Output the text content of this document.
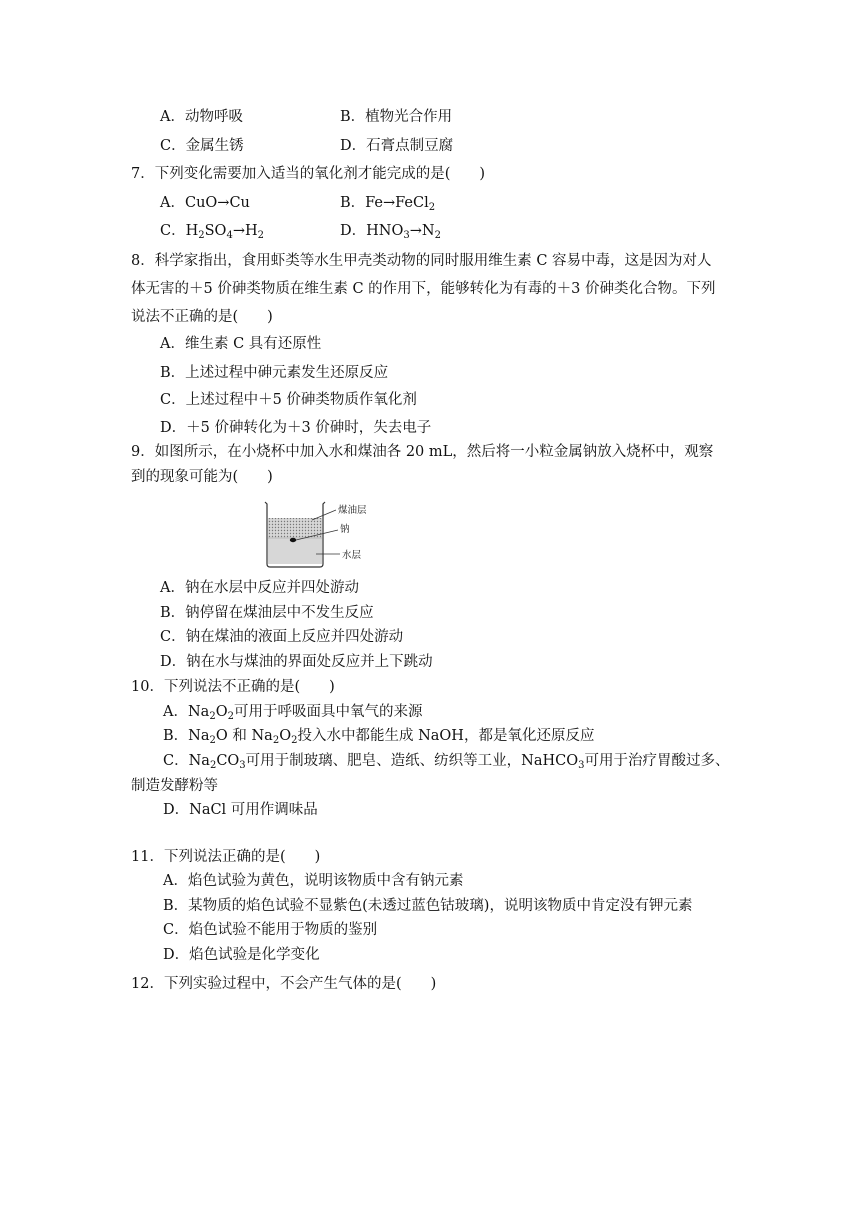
A．动物呼吸	B．植物光合作用
C．金属生锈	D．石膏点制豆腐
7．下列变化需要加入适当的氧化剂才能完成的是(　　)
A．CuO→Cu	B．Fe→FeCl$_2$
C．$H_2SO_4\to H_2$	D．$HNO_3\to N_2$
8．科学家指出，食用虾类等水生甲壳类动物的同时服用维生素 C 容易中毒，这是因为对人
体无害的＋5 价砷类物质在维生素 C 的作用下，能够转化为有毒的＋3 价砷类化合物。下列
说法不正确的是(　　)
A．维生素 C 具有还原性
B．上述过程中砷元素发生还原反应
C．上述过程中＋5 价砷类物质作氧化剂
D．＋5 价砷转化为＋3 价砷时，失去电子
9．如图所示，在小烧杯中加入水和煤油各 20 mL，然后将一小粒金属钠放入烧杯中，观察
到的现象可能为(　　)
煤油层
钠
水层
A．钠在水层中反应并四处游动
B．钠停留在煤油层中不发生反应
C．钠在煤油的液面上反应并四处游动
D．钠在水与煤油的界面处反应并上下跳动
10．下列说法不正确的是(　　)
A．$Na_2O_2$可用于呼吸面具中氧气的来源
B．$Na_2O$ 和 $Na_2O_2$投入水中都能生成 NaOH，都是氧化还原反应
C．$Na_2CO_3$可用于制玻璃、肥皂、造纸、纺织等工业，NaHCO$_3$可用于治疗胃酸过多、
制造发酵粉等
D．NaCl 可用作调味品
11．下列说法正确的是(　　)
A．焰色试验为黄色，说明该物质中含有钠元素
B．某物质的焰色试验不显紫色(未透过蓝色钴玻璃)，说明该物质中肯定没有钾元素
C．焰色试验不能用于物质的鉴别
D．焰色试验是化学变化
12．下列实验过程中，不会产生气体的是(　　)
